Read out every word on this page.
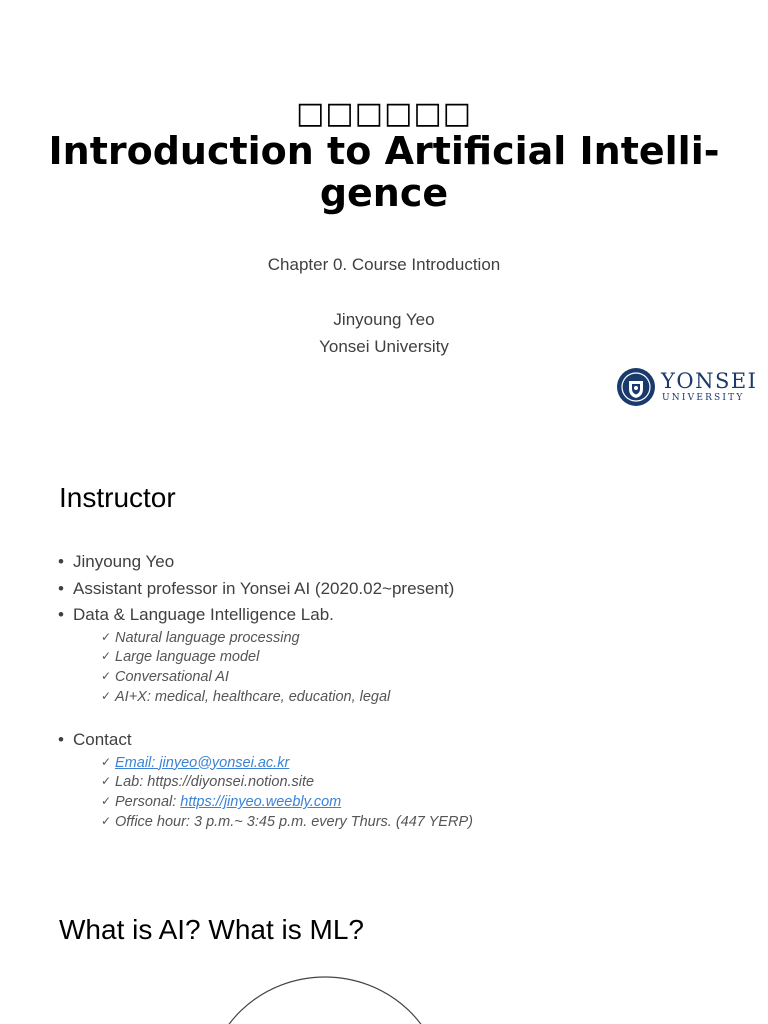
□□□□□□
Introduction to Artificial Intelli-
gence
Chapter 0. Course Introduction
Jinyoung Yeo
Yonsei University
YONSEI
UNIVERSITY
Instructor
• Jinyoung Yeo
• Assistant professor in Yonsei AI (2020.02~present)
• Data & Language Intelligence Lab.
✓ Natural language processing
✓ Large language model
✓ Conversational AI
✓ AI+X: medical, healthcare, education, legal
• Contact
✓ Email: jinyeo@yonsei.ac.kr
✓ Lab: https://diyonsei.notion.site
✓ Personal: https://jinyeo.weebly.com
✓ Office hour: 3 p.m.~ 3:45 p.m. every Thurs. (447 YERP)
What is AI? What is ML?
